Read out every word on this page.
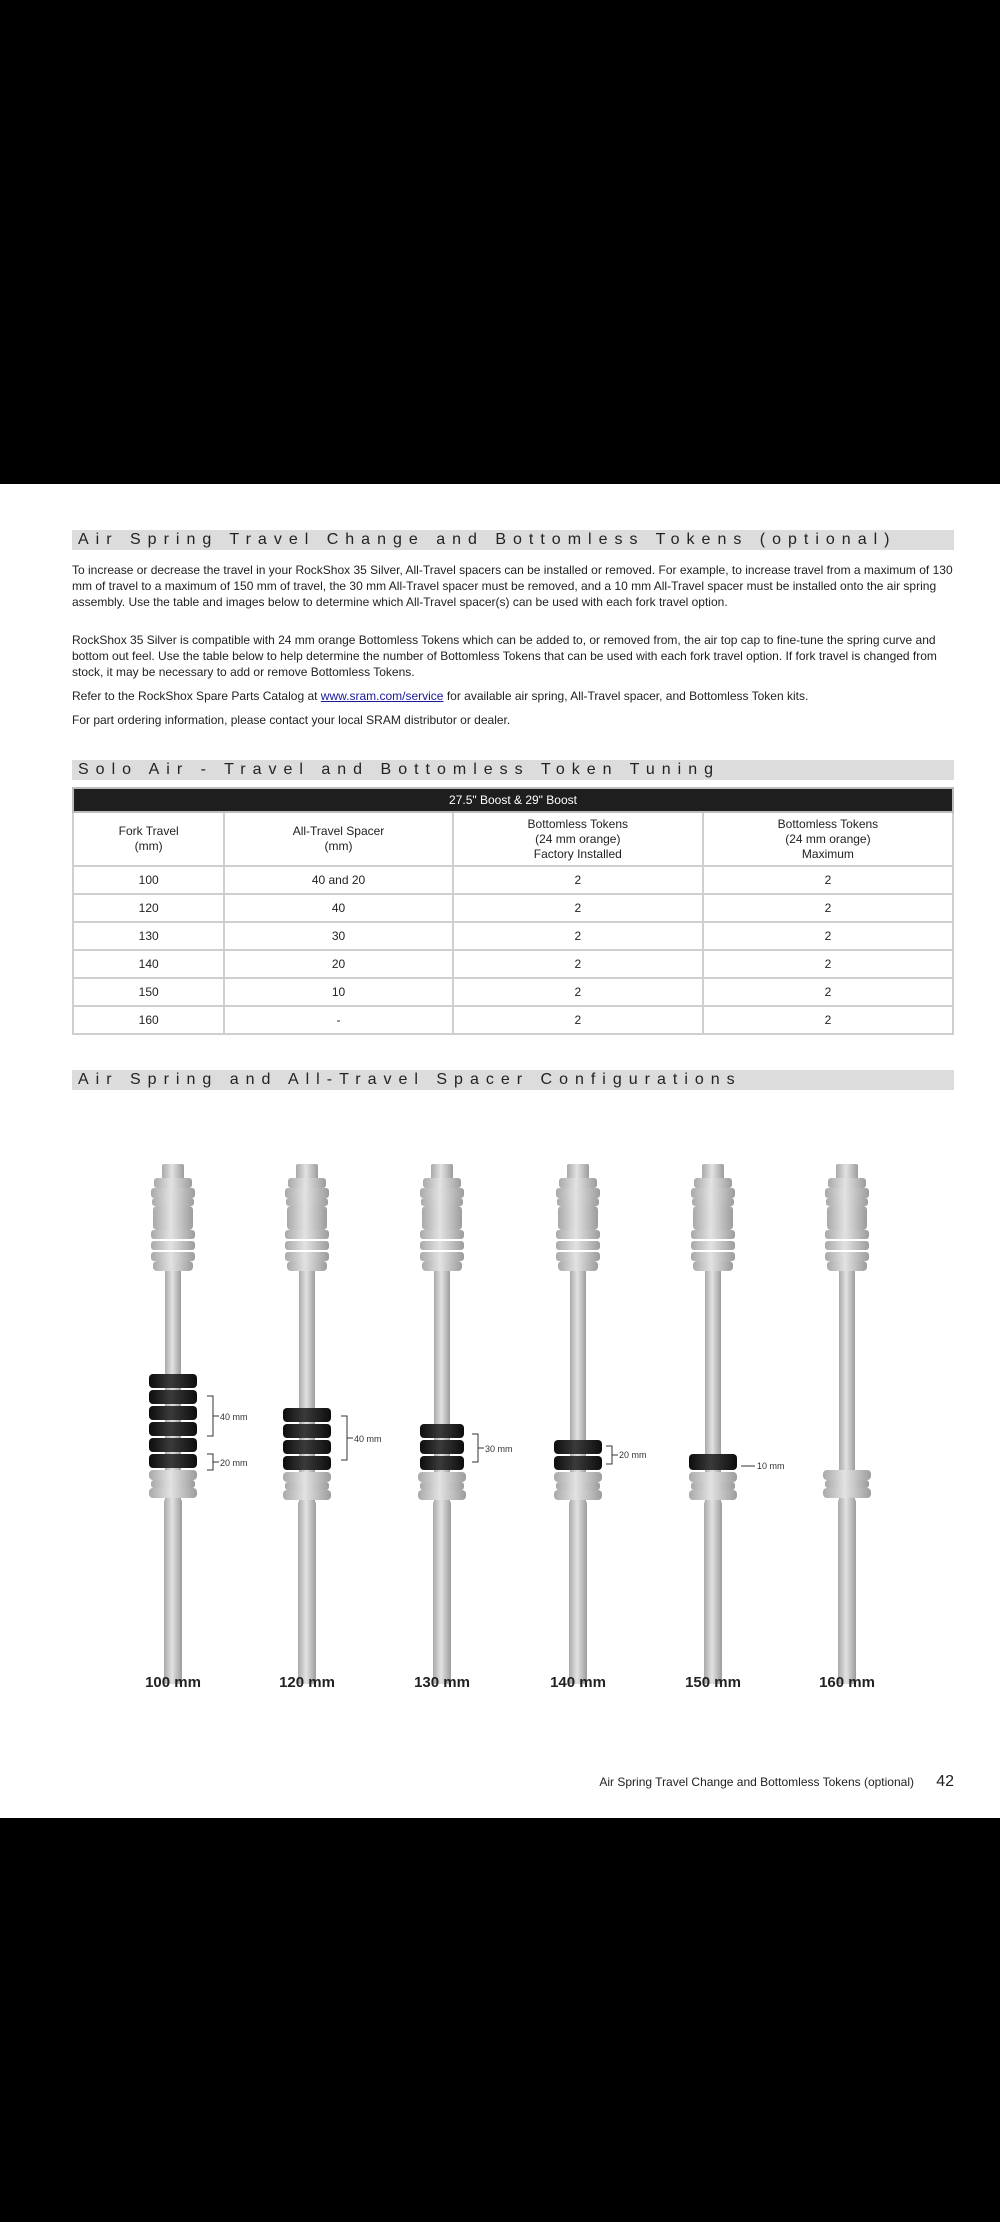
Air Spring Travel Change and Bottomless Tokens (optional)

To increase or decrease the travel in your RockShox 35 Silver, All-Travel spacers can be installed or removed. For example, to increase travel from a maximum of 130 mm of travel to a maximum of 150 mm of travel, the 30 mm All-Travel spacer must be removed, and a 10 mm All-Travel spacer must be installed onto the air spring assembly. Use the table and images below to determine which All-Travel spacer(s) can be used with each fork travel option.

RockShox 35 Silver is compatible with 24 mm orange Bottomless Tokens which can be added to, or removed from, the air top cap to fine-tune the spring curve and bottom out feel. Use the table below to help determine the number of Bottomless Tokens that can be used with each fork travel option. If fork travel is changed from stock, it may be necessary to add or remove Bottomless Tokens.

Refer to the RockShox Spare Parts Catalog at www.sram.com/service for available air spring, All-Travel spacer, and Bottomless Token kits.

For part ordering information, please contact your local SRAM distributor or dealer.

Solo Air - Travel and Bottomless Token Tuning
27.5" Boost & 29" Boost			

Fork Travel
(mm)	All-Travel Spacer
(mm)	Bottomless Tokens
(24 mm orange)
Factory Installed	Bottomless Tokens
(24 mm orange)
Maximum

100	40 and 20	2	2
120	40	2	2
130	30	2	2
140	20	2	2
150	10	2	2
160	-	2	2
Air Spring and All-Travel Spacer Configurations
40 mm
20 mm
40 mm
30 mm
20 mm
10 mm
100 mm	120 mm	130 mm	140 mm	150 mm	160 mm
Air Spring Travel Change and Bottomless Tokens (optional) 42
